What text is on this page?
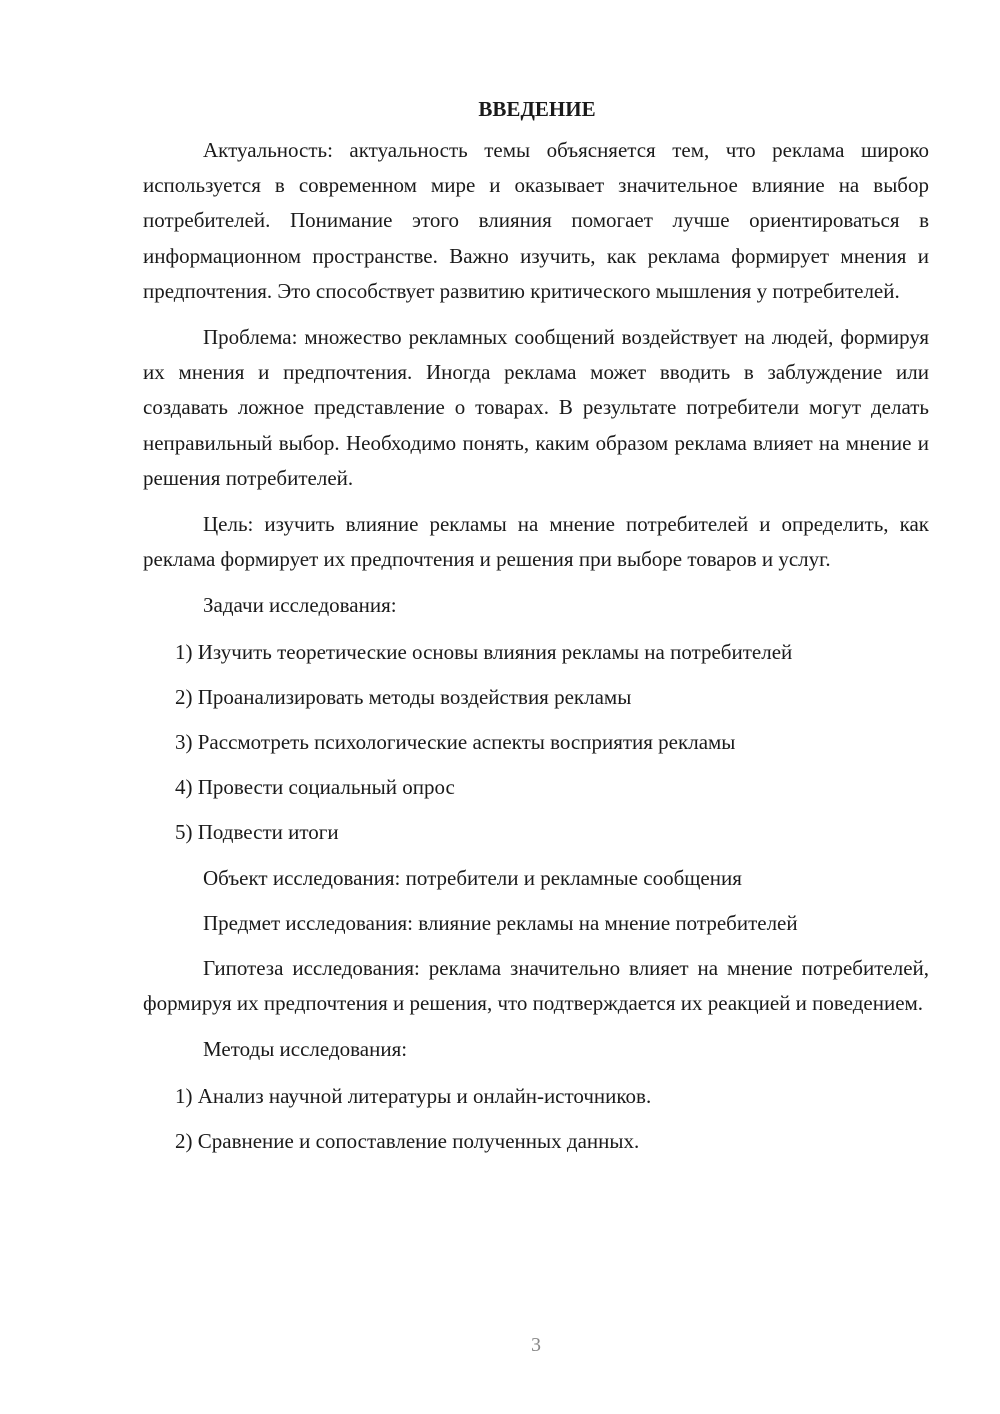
ВВЕДЕНИЕ

Актуальность: актуальность темы объясняется тем, что реклама широко используется в современном мире и оказывает значительное влияние на выбор потребителей. Понимание этого влияния помогает лучше ориентироваться в информационном пространстве. Важно изучить, как реклама формирует мнения и предпочтения. Это способствует развитию критического мышления у потребителей.

Проблема: множество рекламных сообщений воздействует на людей, формируя их мнения и предпочтения. Иногда реклама может вводить в заблуждение или создавать ложное представление о товарах. В результате потребители могут делать неправильный выбор. Необходимо понять, каким образом реклама влияет на мнение и решения потребителей.

Цель: изучить влияние рекламы на мнение потребителей и определить, как реклама формирует их предпочтения и решения при выборе товаров и услуг.

Задачи исследования:

1) Изучить теоретические основы влияния рекламы на потребителей

2) Проанализировать методы воздействия рекламы

3) Рассмотреть психологические аспекты восприятия рекламы

4) Провести социальный опрос

5) Подвести итоги

Объект исследования: потребители и рекламные сообщения

Предмет исследования: влияние рекламы на мнение потребителей

Гипотеза исследования: реклама значительно влияет на мнение потребителей, формируя их предпочтения и решения, что подтверждается их реакцией и поведением.

Методы исследования:

1) Анализ научной литературы и онлайн-источников.

2) Сравнение и сопоставление полученных данных.

3
